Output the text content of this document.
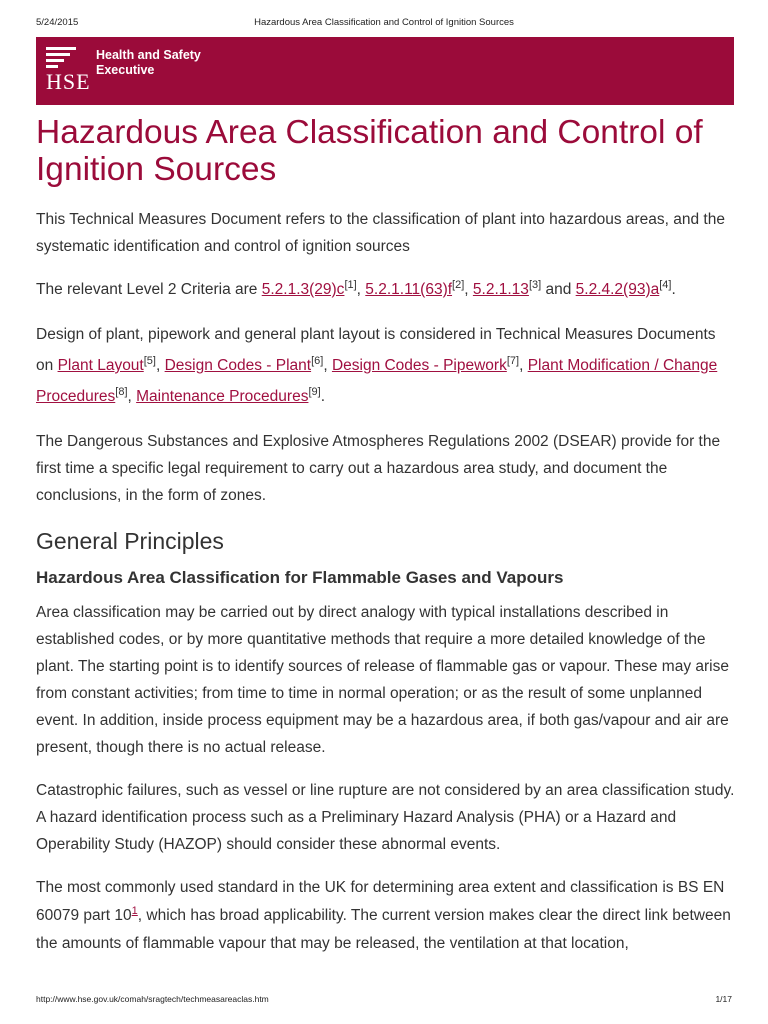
5/24/2015	Hazardous Area Classification and Control of Ignition Sources
HSE
Health and Safety Executive
Hazardous Area Classification and Control of Ignition Sources

This Technical Measures Document refers to the classification of plant into hazardous areas, and the systematic identification and control of ignition sources

The relevant Level 2 Criteria are 5.2.1.3(29)c[1], 5.2.1.11(63)f[2], 5.2.1.13[3] and 5.2.4.2(93)a[4].

Design of plant, pipework and general plant layout is considered in Technical Measures Documents on Plant Layout[5], Design Codes - Plant[6], Design Codes - Pipework[7], Plant Modification / Change Procedures[8], Maintenance Procedures[9].

The Dangerous Substances and Explosive Atmospheres Regulations 2002 (DSEAR) provide for the first time a specific legal requirement to carry out a hazardous area study, and document the conclusions, in the form of zones.

General Principles
Hazardous Area Classification for Flammable Gases and Vapours

Area classification may be carried out by direct analogy with typical installations described in established codes, or by more quantitative methods that require a more detailed knowledge of the plant. The starting point is to identify sources of release of flammable gas or vapour. These may arise from constant activities; from time to time in normal operation; or as the result of some unplanned event. In addition, inside process equipment may be a hazardous area, if both gas/vapour and air are present, though there is no actual release.

Catastrophic failures, such as vessel or line rupture are not considered by an area classification study. A hazard identification process such as a Preliminary Hazard Analysis (PHA) or a Hazard and Operability Study (HAZOP) should consider these abnormal events.

The most commonly used standard in the UK for determining area extent and classification is BS EN 60079 part 10$^1$, which has broad applicability. The current version makes clear the direct link between the amounts of flammable vapour that may be released, the ventilation at that location,

http://www.hse.gov.uk/comah/sragtech/techmeasareaclas.htm	1/17
